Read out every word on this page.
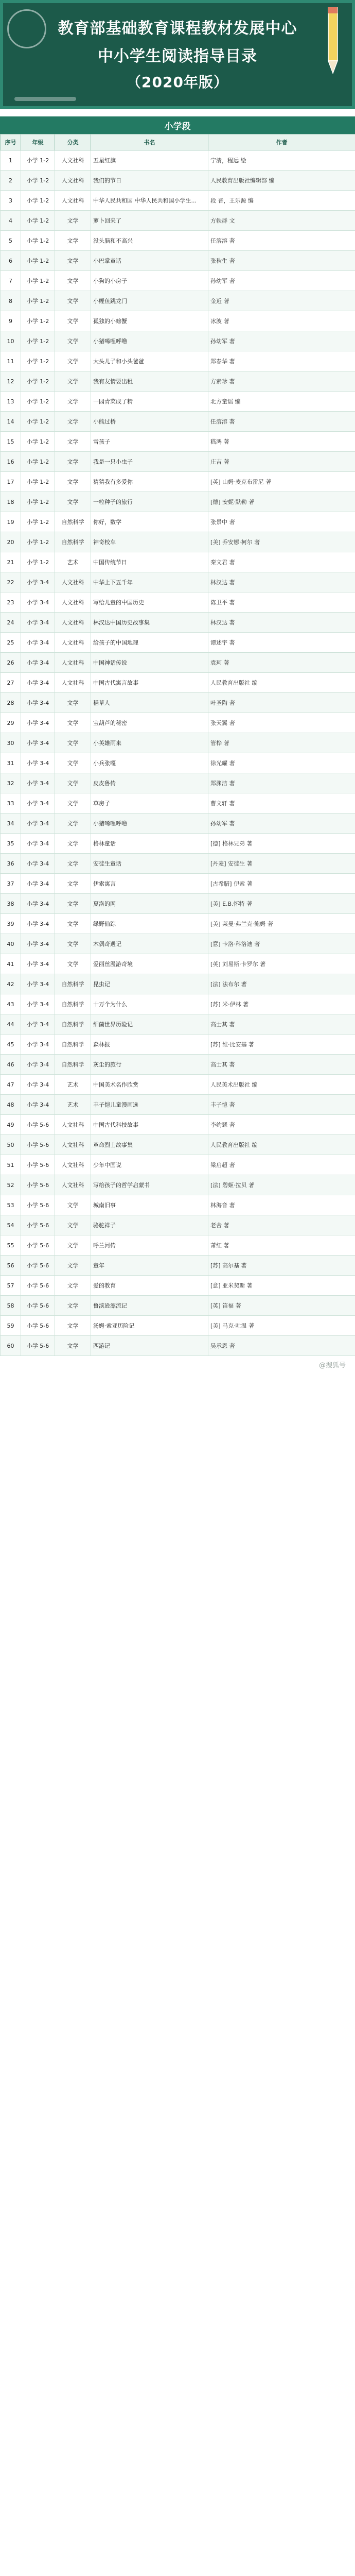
教育部基础教育课程教材发展中心
中小学生阅读指导目录
（2020年版）
小学段
序号	年级	分类	书名	作者
1	小学 1-2	人文社科	五星红旗	宁清，程远 绘
2	小学 1-2	人文社科	我们的节日	人民教育出版社编辑部 编
3	小学 1-2	人文社科	中华人民共和国 中华人民共和国小学生...	段 晋，王乐源 编
4	小学 1-2	文学	萝卜回来了	方轶群 文
5	小学 1-2	文学	没头脑和不高兴	任溶溶 著
6	小学 1-2	文学	小巴掌童话	张秋生 著
7	小学 1-2	文学	小狗的小房子	孙幼军 著
8	小学 1-2	文学	小鲤鱼跳龙门	金近 著
9	小学 1-2	文学	孤独的小螃蟹	冰波 著
10	小学 1-2	文学	小猪唏哩呼噜	孙幼军 著
11	小学 1-2	文学	大头儿子和小头爸爸	郑春华 著
12	小学 1-2	文学	我有友情要出租	方素珍 著
13	小学 1-2	文学	一园青菜成了精	北方童谣 编
14	小学 1-2	文学	小熊过桥	任溶溶 著
15	小学 1-2	文学	雪孩子	嵇鸿 著
16	小学 1-2	文学	我是一只小虫子	庄吉 著
17	小学 1-2	文学	猜猜我有多爱你	[英] 山姆·麦克布雷尼 著
18	小学 1-2	文学	一粒种子的旅行	[德] 安妮·默勒 著
19	小学 1-2	自然科学	你好，数学	张景中 著
20	小学 1-2	自然科学	神奇校车	[美] 乔安娜·柯尔 著
21	小学 1-2	艺术	中国传统节日	秦文君 著
22	小学 3-4	人文社科	中华上下五千年	林汉达 著
23	小学 3-4	人文社科	写给儿童的中国历史	陈卫平 著
24	小学 3-4	人文社科	林汉达中国历史故事集	林汉达 著
25	小学 3-4	人文社科	给孩子的中国地理	谭述宇 著
26	小学 3-4	人文社科	中国神话传说	袁珂 著
27	小学 3-4	人文社科	中国古代寓言故事	人民教育出版社 编
28	小学 3-4	文学	稻草人	叶圣陶 著
29	小学 3-4	文学	宝葫芦的秘密	张天翼 著
30	小学 3-4	文学	小英雄雨来	管桦 著
31	小学 3-4	文学	小兵张嘎	徐光耀 著
32	小学 3-4	文学	皮皮鲁传	郑渊洁 著
33	小学 3-4	文学	草房子	曹文轩 著
34	小学 3-4	文学	小猪唏哩呼噜	孙幼军 著
35	小学 3-4	文学	格林童话	[德] 格林兄弟 著
36	小学 3-4	文学	安徒生童话	[丹麦] 安徒生 著
37	小学 3-4	文学	伊索寓言	[古希腊] 伊索 著
38	小学 3-4	文学	夏洛的网	[美] E.B.怀特 著
39	小学 3-4	文学	绿野仙踪	[美] 莱曼·弗兰克·鲍姆 著
40	小学 3-4	文学	木偶奇遇记	[意] 卡洛·科洛迪 著
41	小学 3-4	文学	爱丽丝漫游奇境	[英] 刘易斯·卡罗尔 著
42	小学 3-4	自然科学	昆虫记	[法] 法布尔 著
43	小学 3-4	自然科学	十万个为什么	[苏] 米·伊林 著
44	小学 3-4	自然科学	细菌世界历险记	高士其 著
45	小学 3-4	自然科学	森林报	[苏] 维·比安基 著
46	小学 3-4	自然科学	灰尘的旅行	高士其 著
47	小学 3-4	艺术	中国美术名作欣赏	人民美术出版社 编
48	小学 3-4	艺术	丰子恺儿童漫画选	丰子恺 著
49	小学 5-6	人文社科	中国古代科技故事	李约瑟 著
50	小学 5-6	人文社科	革命烈士故事集	人民教育出版社 编
51	小学 5-6	人文社科	少年中国说	梁启超 著
52	小学 5-6	人文社科	写给孩子的哲学启蒙书	[法] 碧姬·拉贝 著
53	小学 5-6	文学	城南旧事	林海音 著
54	小学 5-6	文学	骆驼祥子	老舍 著
55	小学 5-6	文学	呼兰河传	萧红 著
56	小学 5-6	文学	童年	[苏] 高尔基 著
57	小学 5-6	文学	爱的教育	[意] 亚米契斯 著
58	小学 5-6	文学	鲁滨逊漂流记	[英] 笛福 著
59	小学 5-6	文学	汤姆·索亚历险记	[美] 马克·吐温 著
60	小学 5-6	文学	西游记	吴承恩 著
@搜狐号
